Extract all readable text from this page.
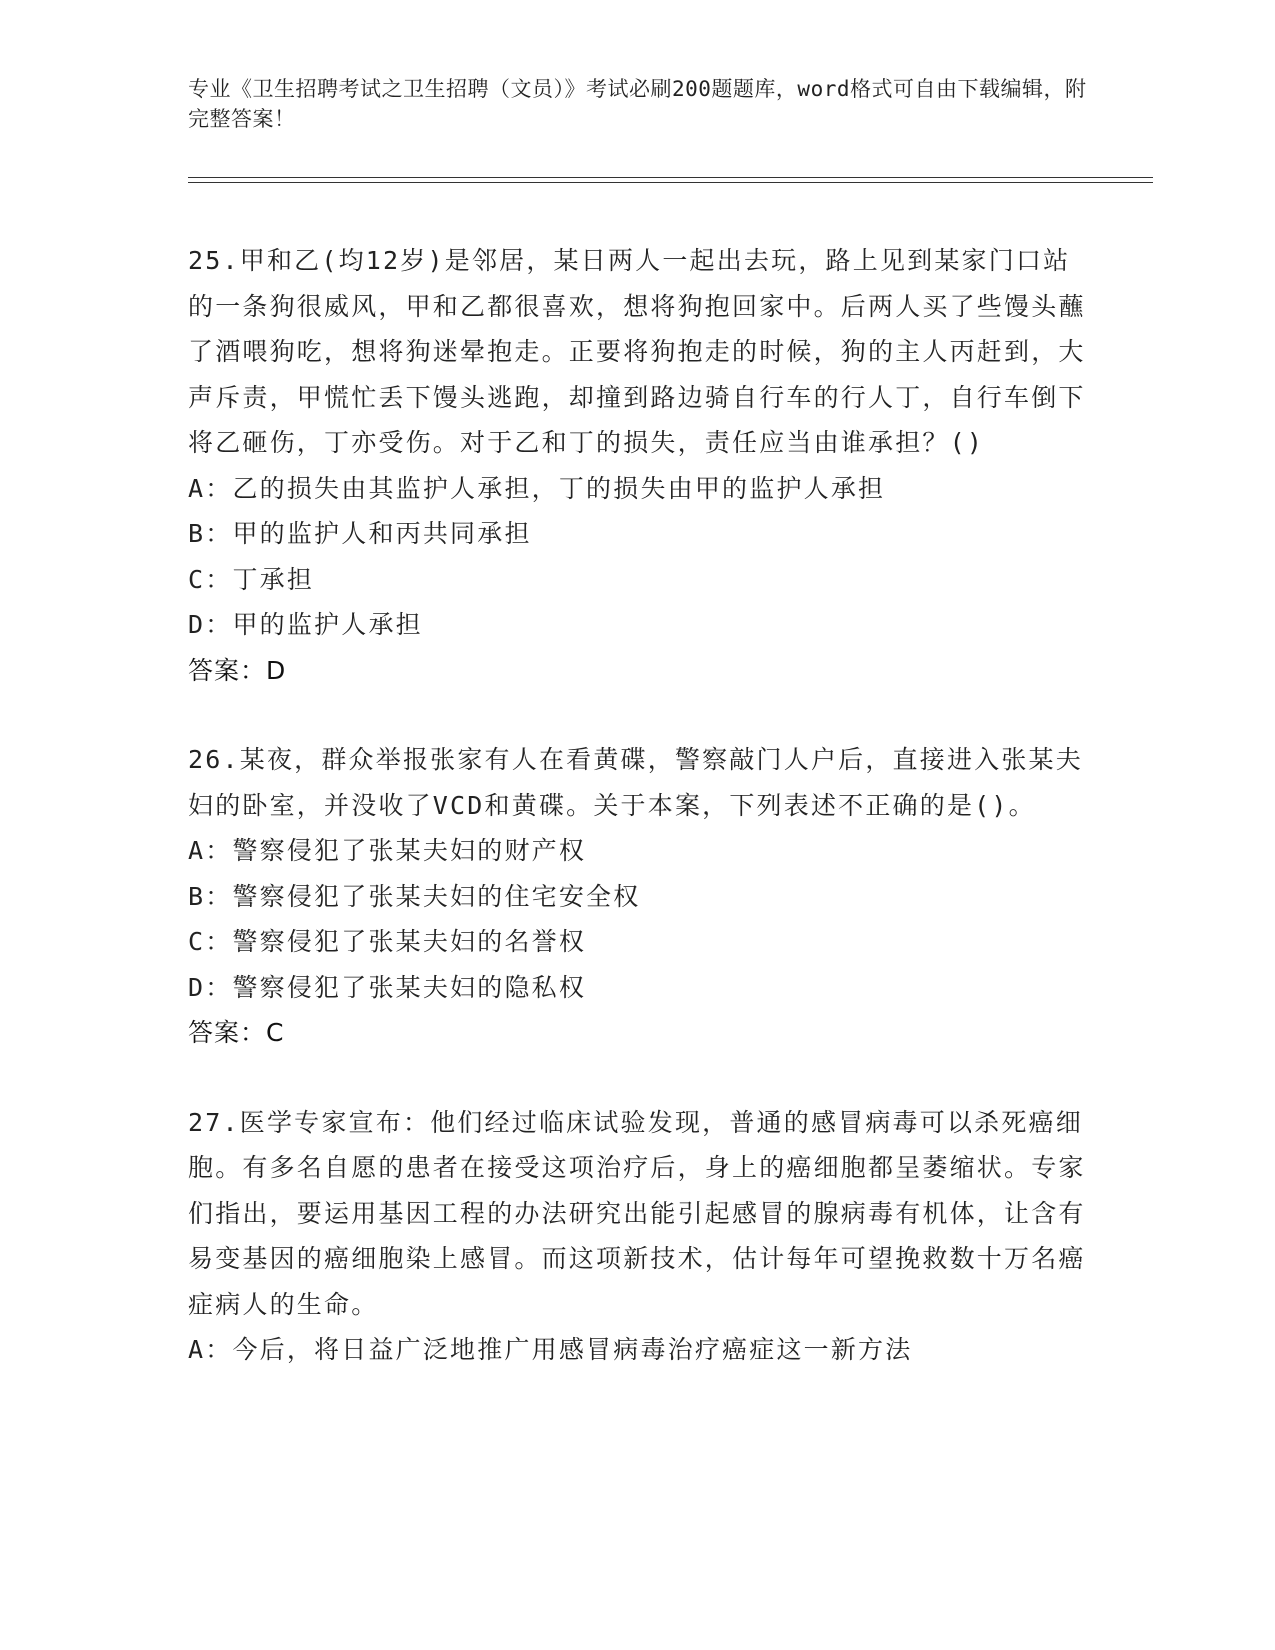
专业《卫生招聘考试之卫生招聘（文员）》考试必刷200题题库，word格式可自由下载编辑，附完整答案！

25.甲和乙(均12岁)是邻居，某日两人一起出去玩，路上见到某家门口站的一条狗很威风，甲和乙都很喜欢，想将狗抱回家中。后两人买了些馒头蘸了酒喂狗吃，想将狗迷晕抱走。正要将狗抱走的时候，狗的主人丙赶到，大声斥责，甲慌忙丢下馒头逃跑，却撞到路边骑自行车的行人丁，自行车倒下将乙砸伤，丁亦受伤。对于乙和丁的损失，责任应当由谁承担？()

A：乙的损失由其监护人承担，丁的损失由甲的监护人承担

B：甲的监护人和丙共同承担

C：丁承担

D：甲的监护人承担

答案：D

26.某夜，群众举报张家有人在看黄碟，警察敲门人户后，直接进入张某夫妇的卧室，并没收了VCD和黄碟。关于本案，下列表述不正确的是()。

A：警察侵犯了张某夫妇的财产权

B：警察侵犯了张某夫妇的住宅安全权

C：警察侵犯了张某夫妇的名誉权

D：警察侵犯了张某夫妇的隐私权

答案：C

27.医学专家宣布：他们经过临床试验发现，普通的感冒病毒可以杀死癌细胞。有多名自愿的患者在接受这项治疗后，身上的癌细胞都呈萎缩状。专家们指出，要运用基因工程的办法研究出能引起感冒的腺病毒有机体，让含有易变基因的癌细胞染上感冒。而这项新技术，估计每年可望挽救数十万名癌症病人的生命。

A：今后，将日益广泛地推广用感冒病毒治疗癌症这一新方法
